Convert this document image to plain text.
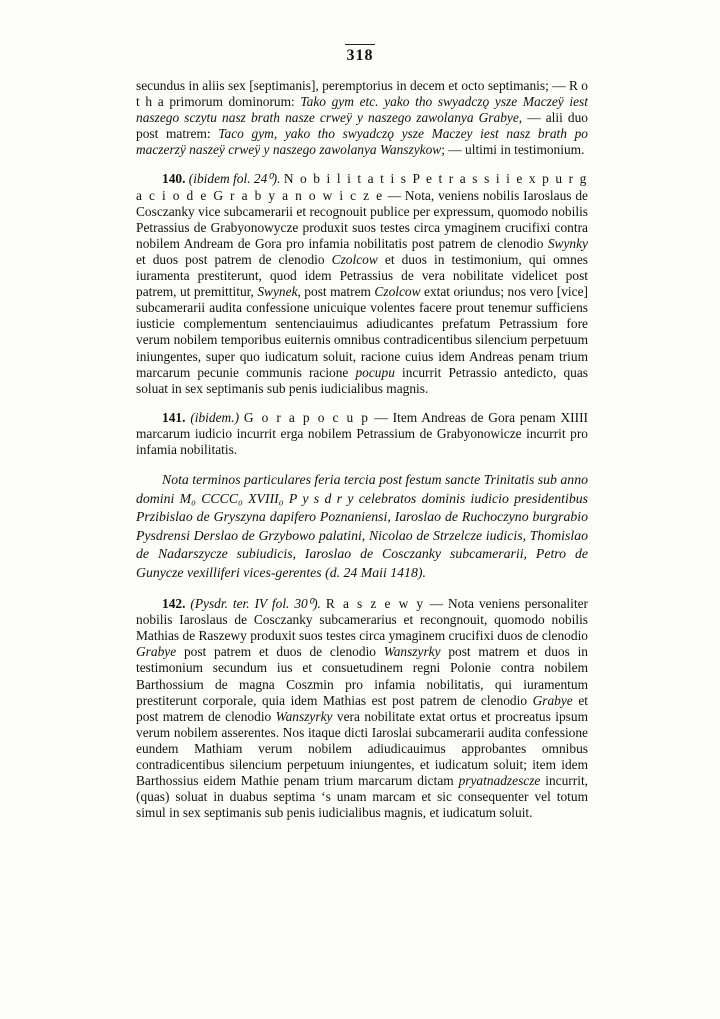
318

secundus in aliis sex [septimanis], peremptorius in decem et octo septimanis; — R o t h a primorum dominorum: Tako gym etc. yako tho swyadczǫ ysze Maczeÿ iest naszego sczytu nasz brath nasze crweÿ y naszego zawolanya Grabye, — alii duo post matrem: Taco gym, yako tho swyadczǫ ysze Maczey iest nasz brath po maczerzÿ naszeÿ crweÿ y naszego zawolanya Wanszykow; — ultimi in testimonium.

140. (ibidem fol. 24⁰). N o b i l i t a t i s P e t r a s s i i e x p u r g a c i o d e G r a b y a n o w i c z e — Nota, veniens nobilis Iaroslaus de Cosczanky vice subcamerarii et recognouit publice per expressum, quomodo nobilis Petrassius de Grabyonowycze produxit suos testes circa ymaginem crucifixi contra nobilem Andream de Gora pro infamia nobilitatis post patrem de clenodio Swynky et duos post patrem de clenodio Czolcow et duos in testimonium, qui omnes iuramenta prestiterunt, quod idem Petrassius de vera nobilitate videlicet post patrem, ut premittitur, Swynek, post matrem Czolcow extat oriundus; nos vero [vice] subcamerarii audita confessione unicuique volentes facere prout tenemur sufficiens iusticie complementum sentenciauimus adiudicantes prefatum Petrassium fore verum nobilem temporibus euiternis omnibus contradicentibus silencium perpetuum iniungentes, super quo iudicatum soluit, racione cuius idem Andreas penam trium marcarum pecunie communis racione pocupu incurrit Petrassio antedicto, quas soluat in sex septimanis sub penis iudicialibus magnis.

141. (ibidem.) G o r a p o c u p — Item Andreas de Gora penam XIIII marcarum iudicio incurrit erga nobilem Petrassium de Grabyonowicze incurrit pro infamia nobilitatis.

Nota terminos particulares feria tercia post festum sancte Trinitatis sub anno domini M₀ CCCC₀ XVIII₀ P y s d r y celebratos dominis iudicio presidentibus Przibislao de Gryszyna dapifero Poznaniensi, Iaroslao de Ruchoczyno burgrabio Pysdrensi Derslao de Grzybowo palatini, Nicolao de Strzelcze iudicis, Thomislao de Nadarszycze subiudicis, Iaroslao de Cosczanky subcamerarii, Petro de Gunycze vexilliferi vices-gerentes (d. 24 Maii 1418).

142. (Pysdr. ter. IV fol. 30⁰). R a s z e w y — Nota veniens personaliter nobilis Iaroslaus de Cosczanky subcamerarius et recongnouit, quomodo nobilis Mathias de Raszewy produxit suos testes circa ymaginem crucifixi duos de clenodio Grabye post patrem et duos de clenodio Wanszyrky post matrem et duos in testimonium secundum ius et consuetudinem regni Polonie contra nobilem Barthossium de magna Coszmin pro infamia nobilitatis, qui iuramentum prestiterunt corporale, quia idem Mathias est post patrem de clenodio Grabye et post matrem de clenodio Wanszyrky vera nobilitate extat ortus et procreatus ipsum verum nobilem asserentes. Nos itaque dicti Iaroslai subcamerarii audita confessione eundem Mathiam verum nobilem adiudicauimus approbantes omnibus contradicentibus silencium perpetuum iniungentes, et iudicatum soluit; item idem Barthossius eidem Mathie penam trium marcarum dictam pryatnadzescze incurrit, (quas) soluat in duabus septima ‘s unam marcam et sic consequenter vel totum simul in sex septimanis sub penis iudicialibus magnis, et iudicatum soluit.
